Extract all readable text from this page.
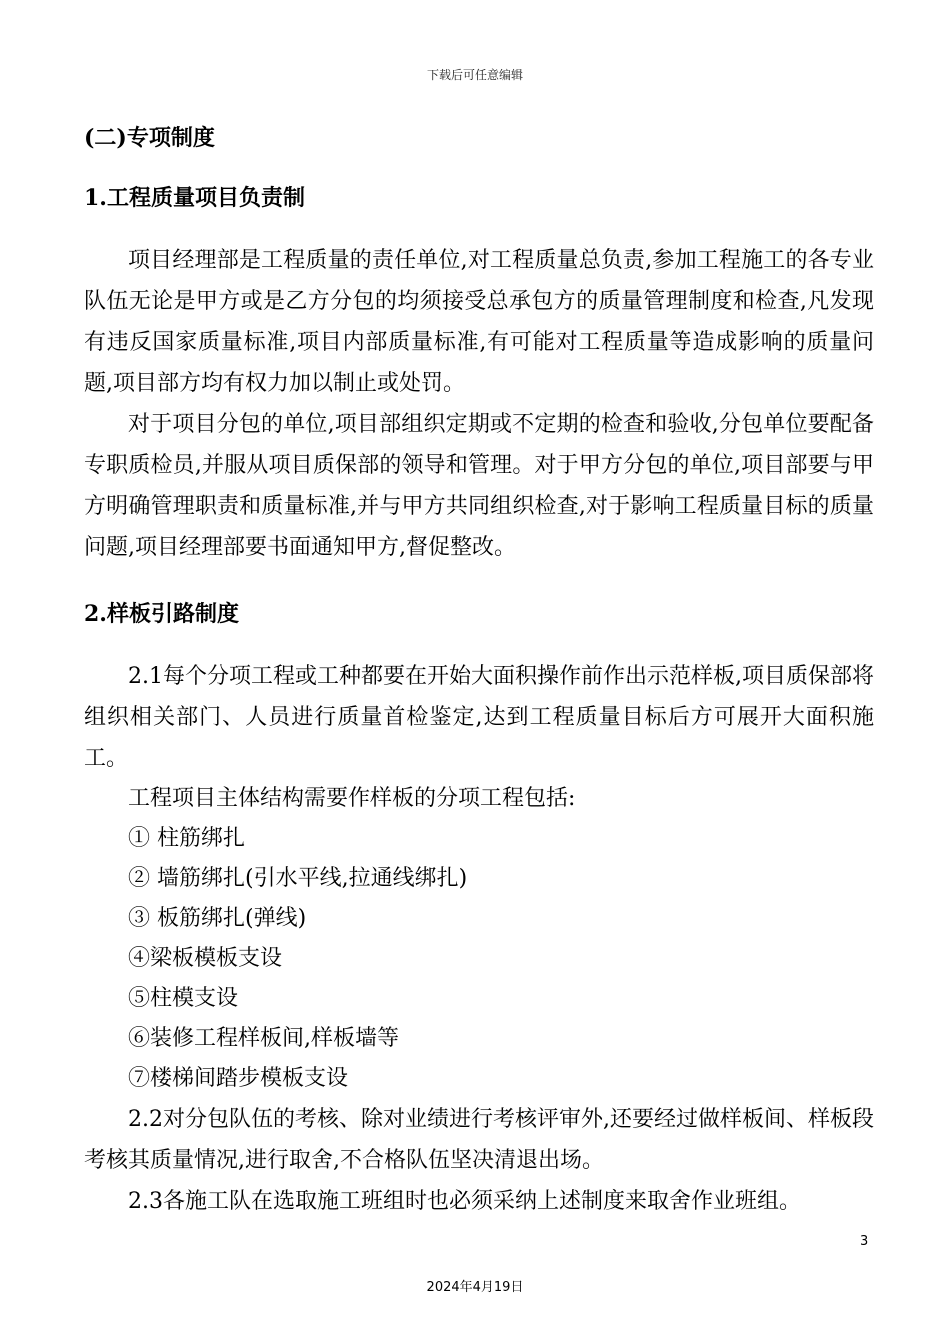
下载后可任意编辑
(二)专项制度
1.工程质量项目负责制

项目经理部是工程质量的责任单位,对工程质量总负责,参加工程施工的各专业队伍无论是甲方或是乙方分包的均须接受总承包方的质量管理制度和检查,凡发现有违反国家质量标准,项目内部质量标准,有可能对工程质量等造成影响的质量问题,项目部方均有权力加以制止或处罚。

对于项目分包的单位,项目部组织定期或不定期的检查和验收,分包单位要配备专职质检员,并服从项目质保部的领导和管理。对于甲方分包的单位,项目部要与甲方明确管理职责和质量标准,并与甲方共同组织检查,对于影响工程质量目标的质量问题,项目经理部要书面通知甲方,督促整改。

2.样板引路制度

2.1每个分项工程或工种都要在开始大面积操作前作出示范样板,项目质保部将组织相关部门、人员进行质量首检鉴定,达到工程质量目标后方可展开大面积施工。

工程项目主体结构需要作样板的分项工程包括:
① 柱筋绑扎
② 墙筋绑扎(引水平线,拉通线绑扎)
③ 板筋绑扎(弹线)
④梁板模板支设
⑤柱模支设
⑥装修工程样板间,样板墙等
⑦楼梯间踏步模板支设

2.2对分包队伍的考核、除对业绩进行考核评审外,还要经过做样板间、样板段考核其质量情况,进行取舍,不合格队伍坚决清退出场。

2.3各施工队在选取施工班组时也必须采纳上述制度来取舍作业班组。

3
2024年4月19日
